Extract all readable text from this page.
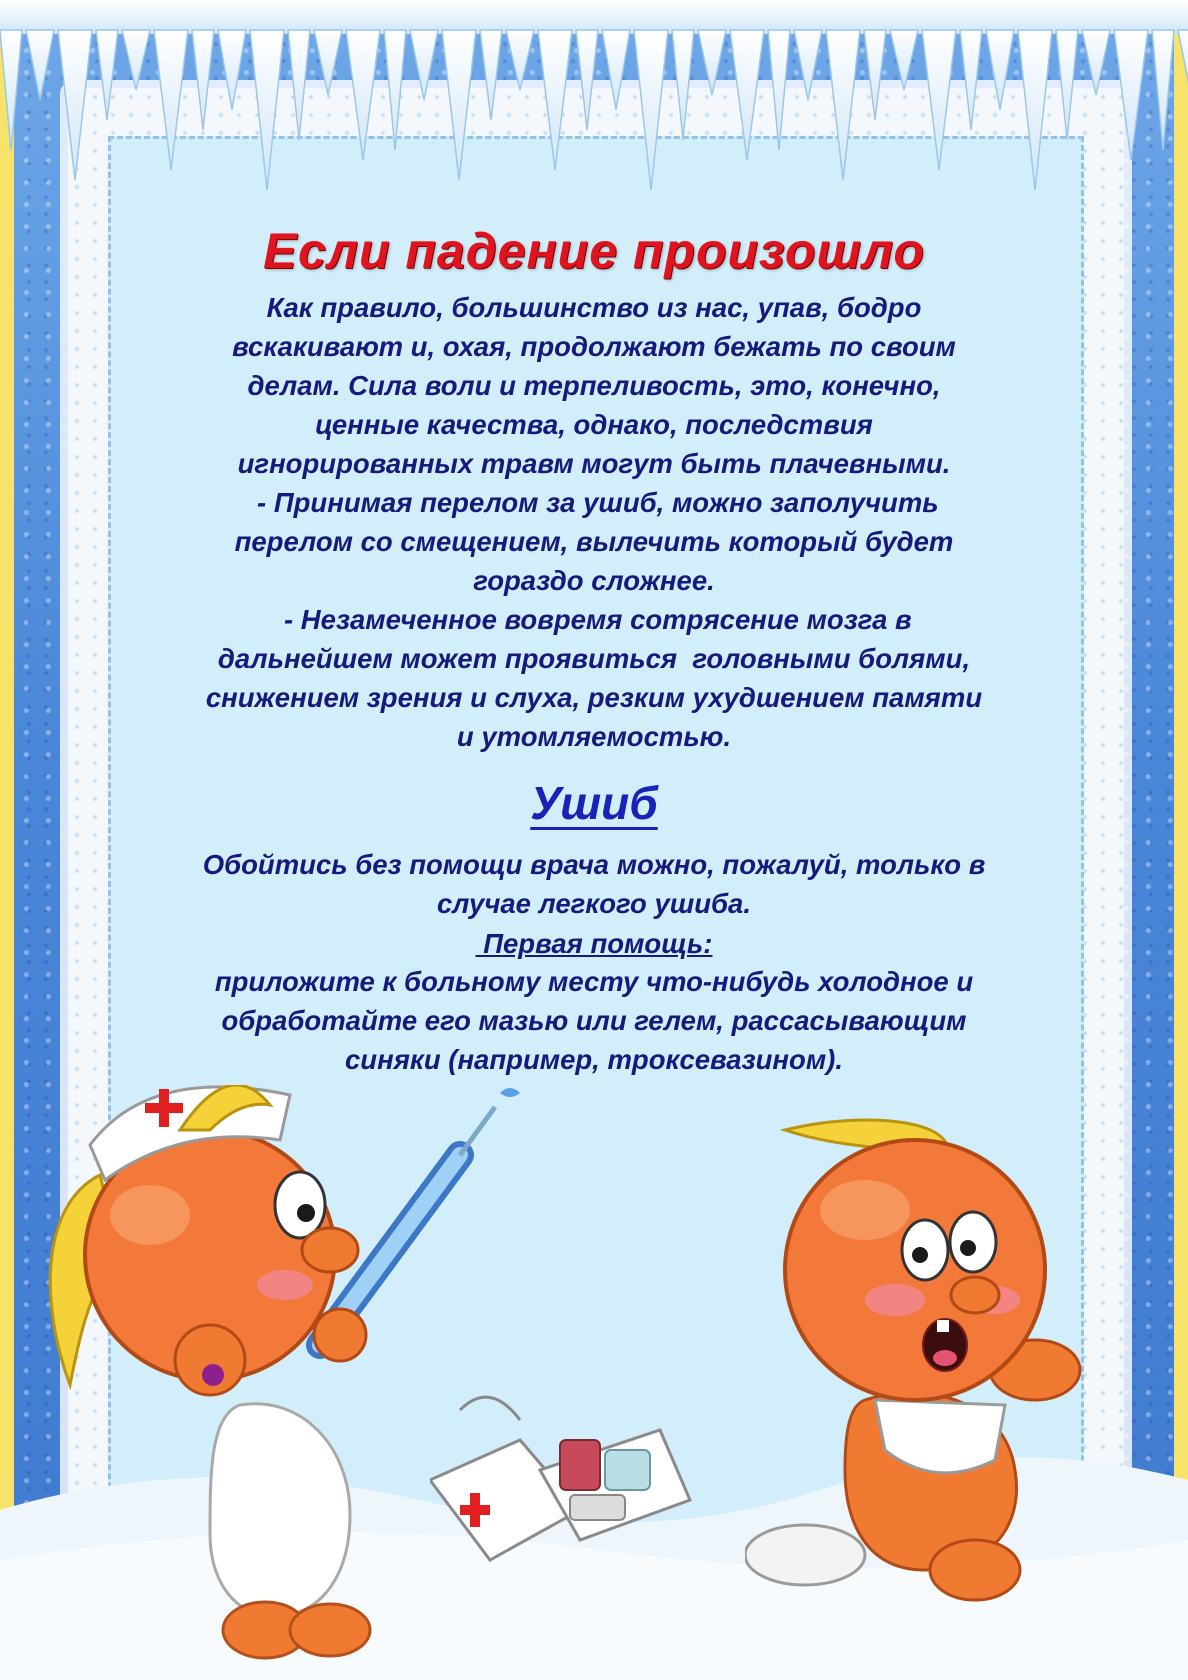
Если падение произошло
Как правило, большинство из нас, упав, бодро
вскакивают и, охая, продолжают бежать по своим
делам. Сила воли и терпеливость, это, конечно,
ценные качества, однако, последствия
игнорированных травм могут быть плачевными.
- Принимая перелом за ушиб, можно заполучить
перелом со смещением, вылечить который будет
гораздо сложнее.
- Незамеченное вовремя сотрясение мозга в
дальнейшем может проявиться  головными болями,
снижением зрения и слуха, резким ухудшением памяти
и утомляемостью.
Ушиб
Обойтись без помощи врача можно, пожалуй, только в
случае легкого ушиба.
Первая помощь:
приложите к больному месту что-нибудь холодное и
обработайте его мазью или гелем, рассасывающим
синяки (например, троксевазином).
